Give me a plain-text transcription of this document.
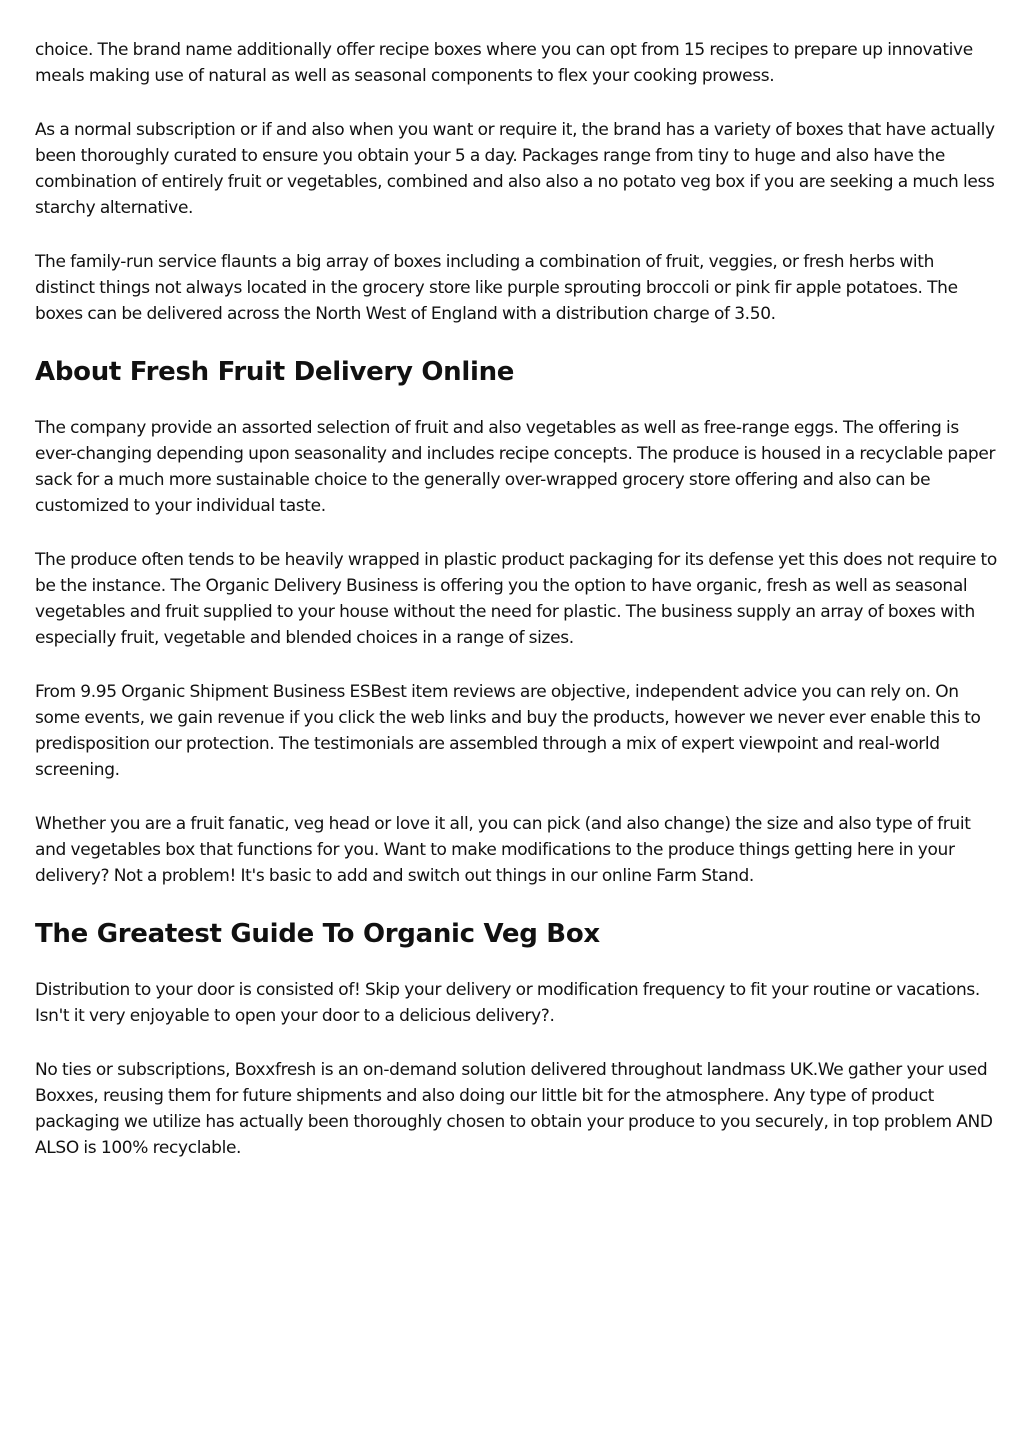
choice. The brand name additionally offer recipe boxes where you can opt from 15 recipes to prepare up innovative meals making use of natural as well as seasonal components to flex your cooking prowess.

As a normal subscription or if and also when you want or require it, the brand has a variety of boxes that have actually been thoroughly curated to ensure you obtain your 5 a day. Packages range from tiny to huge and also have the combination of entirely fruit or vegetables, combined and also also a no potato veg box if you are seeking a much less starchy alternative.

The family-run service flaunts a big array of boxes including a combination of fruit, veggies, or fresh herbs with distinct things not always located in the grocery store like purple sprouting broccoli or pink fir apple potatoes. The boxes can be delivered across the North West of England with a distribution charge of 3.50.

About Fresh Fruit Delivery Online

The company provide an assorted selection of fruit and also vegetables as well as free-range eggs. The offering is ever-changing depending upon seasonality and includes recipe concepts. The produce is housed in a recyclable paper sack for a much more sustainable choice to the generally over-wrapped grocery store offering and also can be customized to your individual taste.

The produce often tends to be heavily wrapped in plastic product packaging for its defense yet this does not require to be the instance. The Organic Delivery Business is offering you the option to have organic, fresh as well as seasonal vegetables and fruit supplied to your house without the need for plastic. The business supply an array of boxes with especially fruit, vegetable and blended choices in a range of sizes.

From 9.95 Organic Shipment Business ESBest item reviews are objective, independent advice you can rely on. On some events, we gain revenue if you click the web links and buy the products, however we never ever enable this to predisposition our protection. The testimonials are assembled through a mix of expert viewpoint and real-world screening.

Whether you are a fruit fanatic, veg head or love it all, you can pick (and also change) the size and also type of fruit and vegetables box that functions for you. Want to make modifications to the produce things getting here in your delivery? Not a problem! It's basic to add and switch out things in our online Farm Stand.

The Greatest Guide To Organic Veg Box

Distribution to your door is consisted of! Skip your delivery or modification frequency to fit your routine or vacations. Isn't it very enjoyable to open your door to a delicious delivery?.

No ties or subscriptions, Boxxfresh is an on-demand solution delivered throughout landmass UK.We gather your used Boxxes, reusing them for future shipments and also doing our little bit for the atmosphere. Any type of product packaging we utilize has actually been thoroughly chosen to obtain your produce to you securely, in top problem AND ALSO is 100% recyclable.
